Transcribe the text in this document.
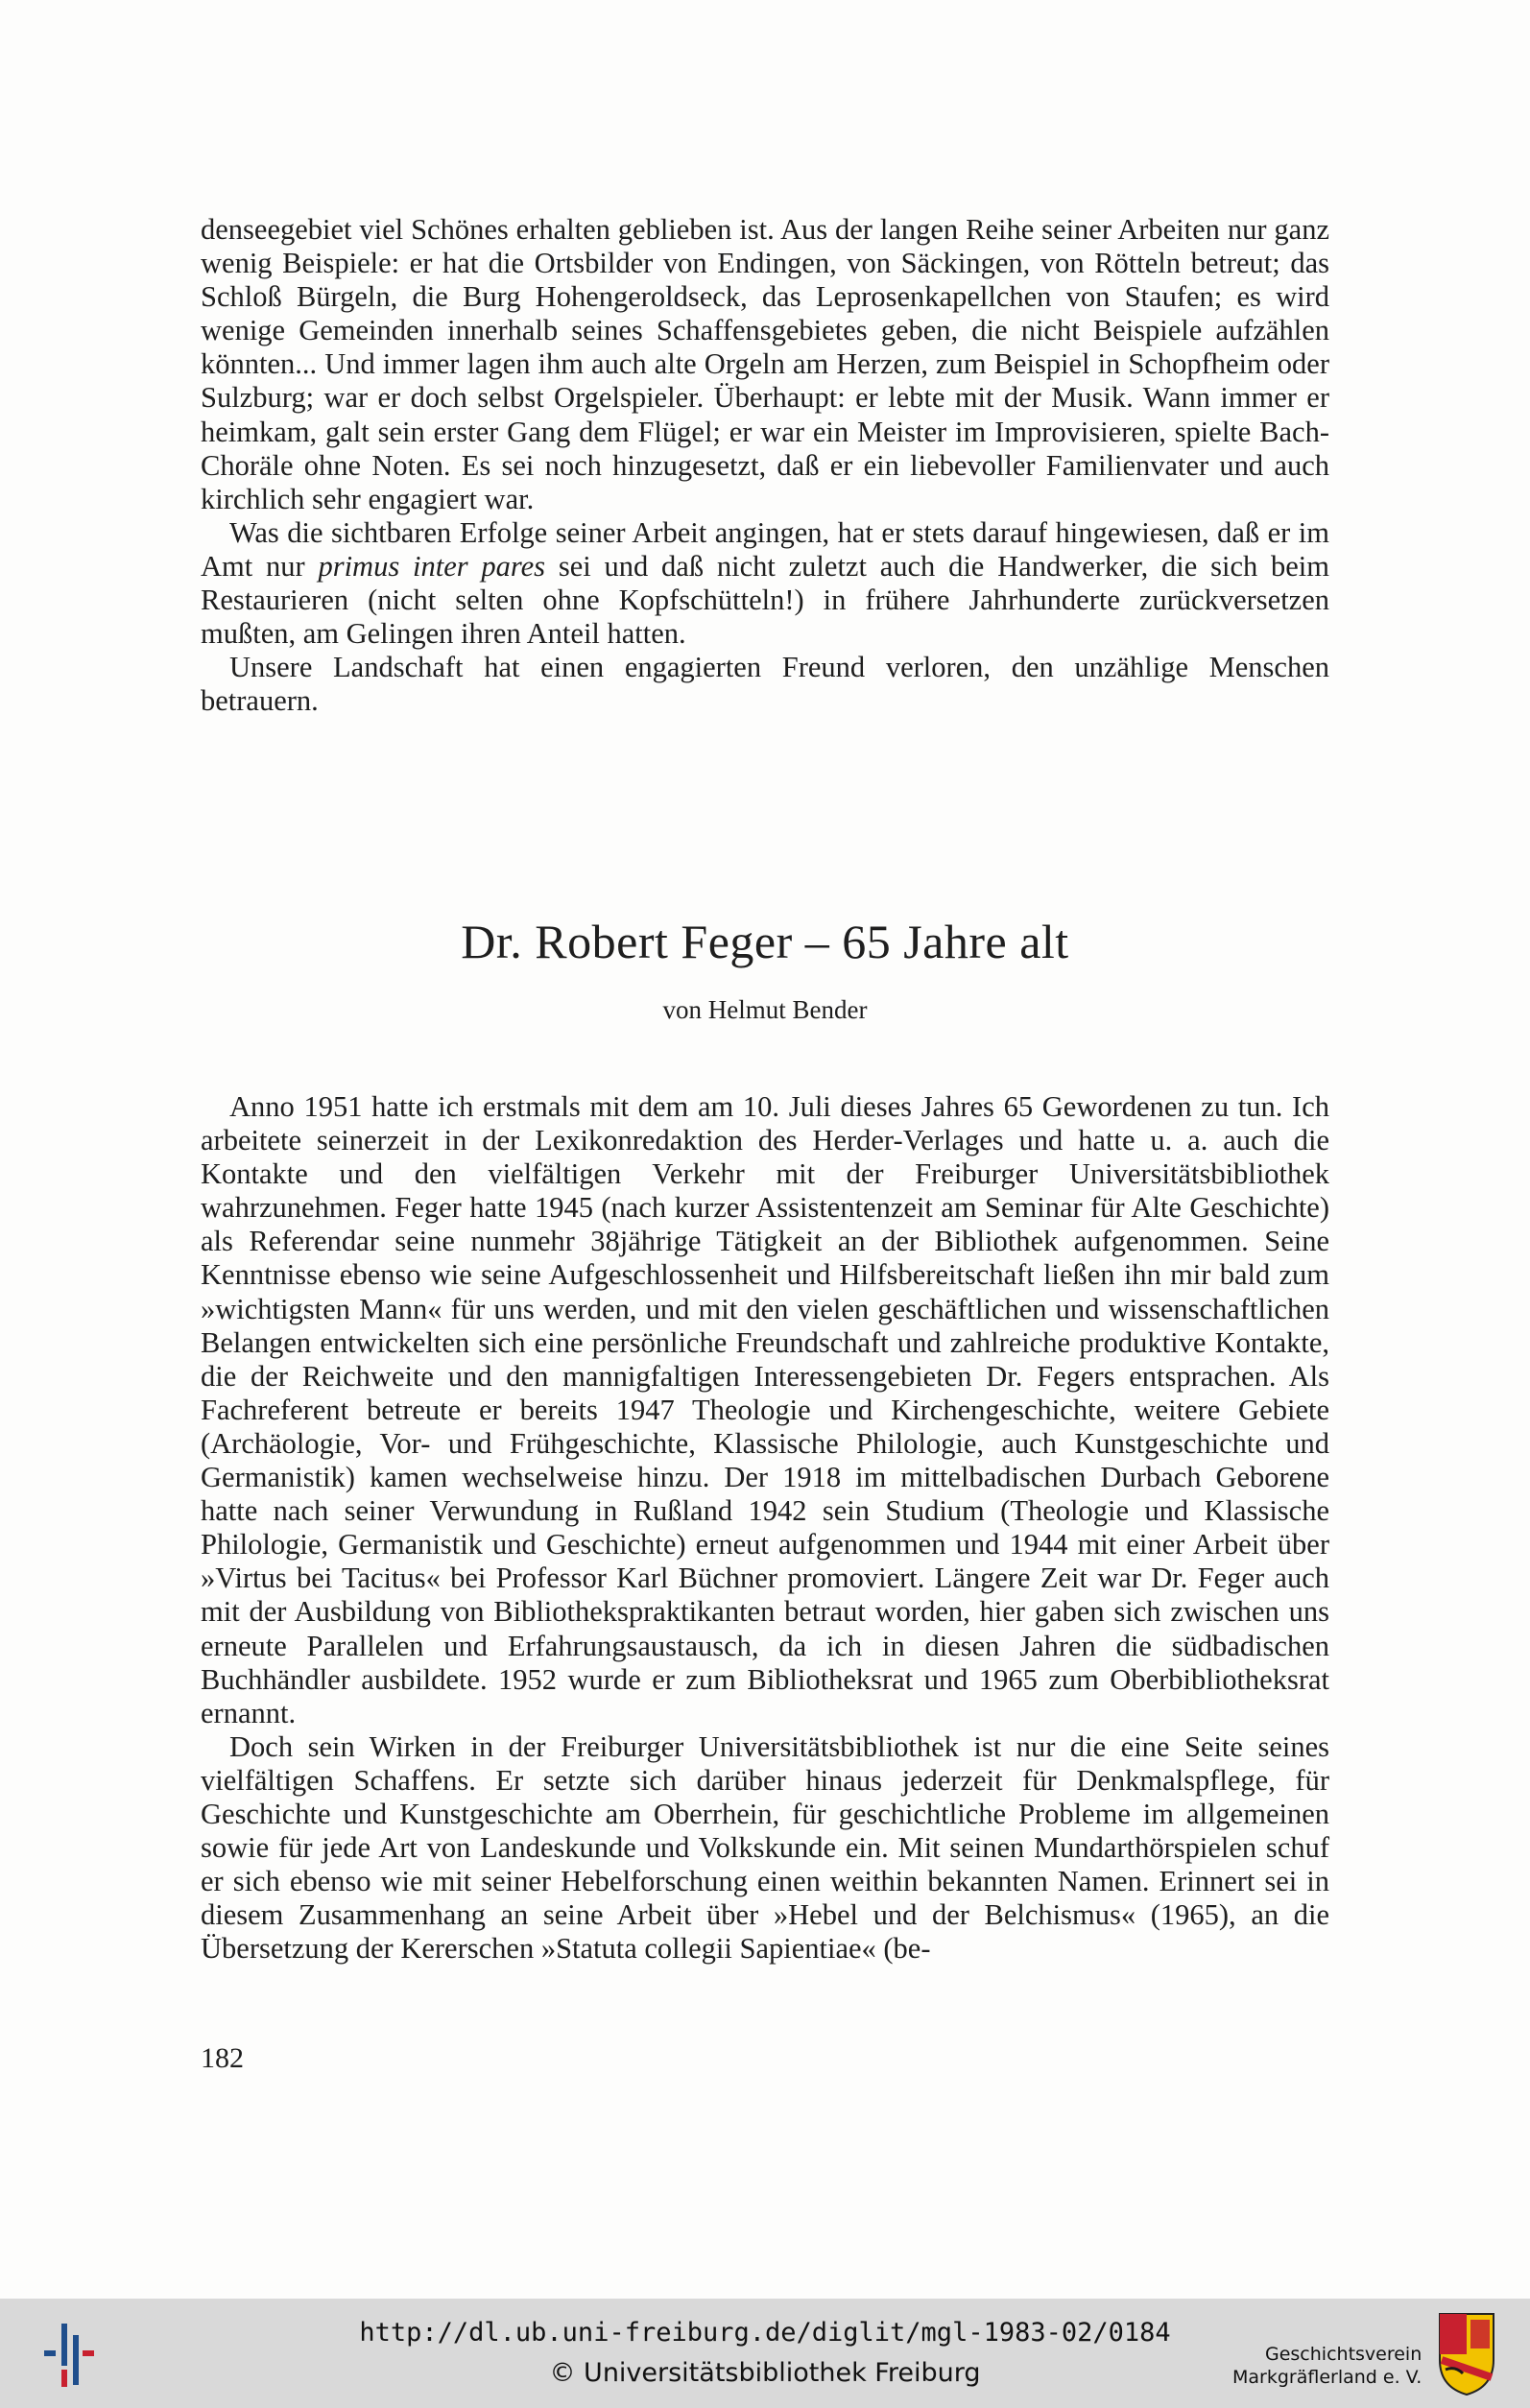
denseegebiet viel Schönes erhalten geblieben ist. Aus der langen Reihe seiner Arbeiten nur ganz wenig Beispiele: er hat die Ortsbilder von Endingen, von Säckingen, von Rötteln betreut; das Schloß Bürgeln, die Burg Hohengeroldseck, das Leprosenkapellchen von Staufen; es wird wenige Gemeinden innerhalb seines Schaffensgebietes geben, die nicht Beispiele aufzählen könnten... Und immer lagen ihm auch alte Orgeln am Herzen, zum Beispiel in Schopfheim oder Sulzburg; war er doch selbst Orgelspieler. Überhaupt: er lebte mit der Musik. Wann immer er heimkam, galt sein erster Gang dem Flügel; er war ein Meister im Improvisieren, spielte Bach-Choräle ohne Noten. Es sei noch hinzugesetzt, daß er ein liebevoller Familienvater und auch kirchlich sehr engagiert war.

Was die sichtbaren Erfolge seiner Arbeit angingen, hat er stets darauf hingewiesen, daß er im Amt nur primus inter pares sei und daß nicht zuletzt auch die Handwerker, die sich beim Restaurieren (nicht selten ohne Kopfschütteln!) in frühere Jahrhunderte zurückversetzen mußten, am Gelingen ihren Anteil hatten.

Unsere Landschaft hat einen engagierten Freund verloren, den unzählige Menschen betrauern.

Dr. Robert Feger – 65 Jahre alt
von Helmut Bender

Anno 1951 hatte ich erstmals mit dem am 10. Juli dieses Jahres 65 Gewordenen zu tun. Ich arbeitete seinerzeit in der Lexikonredaktion des Herder-Verlages und hatte u. a. auch die Kontakte und den vielfältigen Verkehr mit der Freiburger Universitätsbibliothek wahrzunehmen. Feger hatte 1945 (nach kurzer Assistentenzeit am Seminar für Alte Geschichte) als Referendar seine nunmehr 38jährige Tätigkeit an der Bibliothek aufgenommen. Seine Kenntnisse ebenso wie seine Aufgeschlossenheit und Hilfsbereitschaft ließen ihn mir bald zum »wichtigsten Mann« für uns werden, und mit den vielen geschäftlichen und wissenschaftlichen Belangen entwickelten sich eine persönliche Freundschaft und zahlreiche produktive Kontakte, die der Reichweite und den mannigfaltigen Interessengebieten Dr. Fegers entsprachen. Als Fachreferent betreute er bereits 1947 Theologie und Kirchengeschichte, weitere Gebiete (Archäologie, Vor- und Frühgeschichte, Klassische Philologie, auch Kunstgeschichte und Germanistik) kamen wechselweise hinzu. Der 1918 im mittelbadischen Durbach Geborene hatte nach seiner Verwundung in Rußland 1942 sein Studium (Theologie und Klassische Philologie, Germanistik und Geschichte) erneut aufgenommen und 1944 mit einer Arbeit über »Virtus bei Tacitus« bei Professor Karl Büchner promoviert. Längere Zeit war Dr. Feger auch mit der Ausbildung von Bibliothekspraktikanten betraut worden, hier gaben sich zwischen uns erneute Parallelen und Erfahrungsaustausch, da ich in diesen Jahren die südbadischen Buchhändler ausbildete. 1952 wurde er zum Bibliotheksrat und 1965 zum Oberbibliotheksrat ernannt.

Doch sein Wirken in der Freiburger Universitätsbibliothek ist nur die eine Seite seines vielfältigen Schaffens. Er setzte sich darüber hinaus jederzeit für Denkmalspflege, für Geschichte und Kunstgeschichte am Oberrhein, für geschichtliche Probleme im allgemeinen sowie für jede Art von Landeskunde und Volkskunde ein. Mit seinen Mundarthörspielen schuf er sich ebenso wie mit seiner Hebelforschung einen weithin bekannten Namen. Erinnert sei in diesem Zusammenhang an seine Arbeit über »Hebel und der Belchismus« (1965), an die Übersetzung der Kererschen »Statuta collegii Sapientiae« (be-

182
http://dl.ub.uni-freiburg.de/diglit/mgl-1983-02/0184
© Universitätsbibliothek Freiburg
Geschichtsverein
Markgräflerland e. V.
